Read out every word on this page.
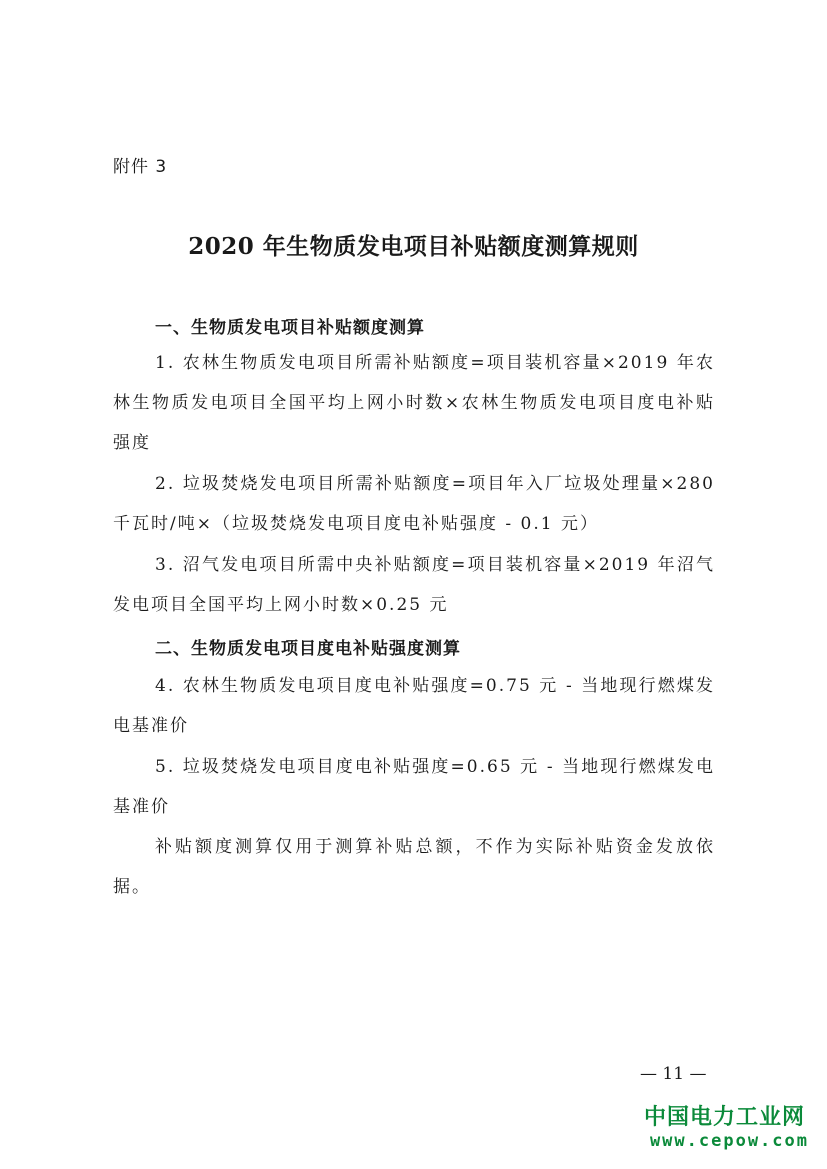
附件 3
2020 年生物质发电项目补贴额度测算规则
一、生物质发电项目补贴额度测算
1. 农林生物质发电项目所需补贴额度=项目装机容量×2019 年农林生物质发电项目全国平均上网小时数×农林生物质发电项目度电补贴强度
2. 垃圾焚烧发电项目所需补贴额度=项目年入厂垃圾处理量×280 千瓦时/吨×（垃圾焚烧发电项目度电补贴强度 - 0.1 元）
3. 沼气发电项目所需中央补贴额度=项目装机容量×2019 年沼气发电项目全国平均上网小时数×0.25 元
二、生物质发电项目度电补贴强度测算
4. 农林生物质发电项目度电补贴强度=0.75 元 - 当地现行燃煤发电基准价
5. 垃圾焚烧发电项目度电补贴强度=0.65 元 - 当地现行燃煤发电基准价
补贴额度测算仅用于测算补贴总额，不作为实际补贴资金发放依据。
— 11 —
中国电力工业网
www.cepow.com
